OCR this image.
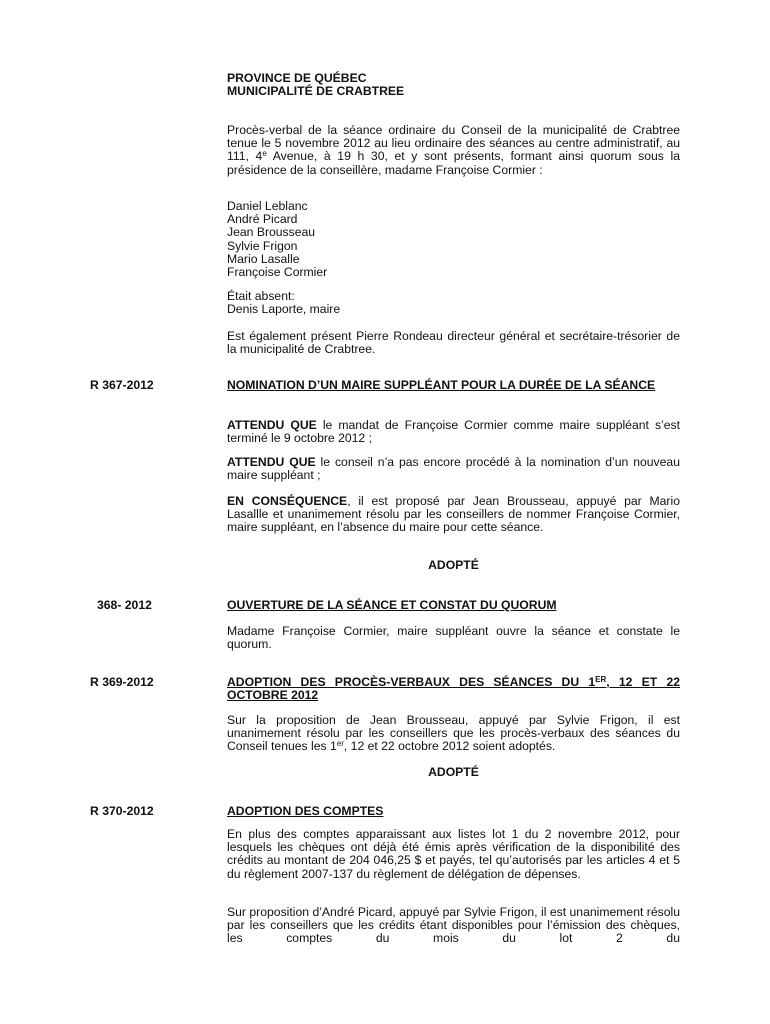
PROVINCE DE QUÉBEC
MUNICIPALITÉ DE CRABTREE

Procès-verbal de la séance ordinaire du Conseil de la municipalité de Crabtree tenue le 5 novembre 2012 au lieu ordinaire des séances au centre administratif, au 111, 4e Avenue, à 19 h 30, et y sont présents, formant ainsi quorum sous la présidence de la conseillère, madame Françoise Cormier :

Daniel Leblanc
André Picard
Jean Brousseau
Sylvie Frigon
Mario Lasalle
Françoise Cormier
Était absent:
Denis Laporte, maire

Est également présent Pierre Rondeau directeur général et secrétaire-trésorier de la municipalité de Crabtree.

R 367-2012	NOMINATION D’UN MAIRE SUPPLÉANT POUR LA DURÉE DE LA SÉANCE

ATTENDU QUE le mandat de Françoise Cormier comme maire suppléant s’est terminé le 9 octobre 2012 ;

ATTENDU QUE le conseil n’a pas encore procédé à la nomination d’un nouveau maire suppléant ;

EN CONSÉQUENCE, il est proposé par Jean Brousseau, appuyé par Mario Lasallle et unanimement résolu par les conseillers de nommer Françoise Cormier, maire suppléant, en l’absence du maire pour cette séance.

ADOPTÉ
368- 2012	OUVERTURE DE LA SÉANCE ET CONSTAT DU QUORUM

Madame Françoise Cormier, maire suppléant ouvre la séance et constate le quorum.

R 369-2012	ADOPTION DES PROCÈS-VERBAUX DES SÉANCES DU 1ER, 12 ET 22 OCTOBRE 2012

Sur la proposition de Jean Brousseau, appuyé par Sylvie Frigon, il est unanimement résolu par les conseillers que les procès-verbaux des séances du Conseil tenues les 1er, 12 et 22 octobre 2012 soient adoptés.

ADOPTÉ
R 370-2012	ADOPTION DES COMPTES

En plus des comptes apparaissant aux listes lot 1 du 2 novembre 2012, pour lesquels les chèques ont déjà été émis après vérification de la disponibilité des crédits au montant de 204 046,25 $ et payés, tel qu’autorisés par les articles 4 et 5 du règlement 2007-137 du règlement de délégation de dépenses.

Sur proposition d’André Picard, appuyé par Sylvie Frigon, il est unanimement résolu par les conseillers que les crédits étant disponibles pour l’émission des chèques, les comptes du mois du lot 2 du
